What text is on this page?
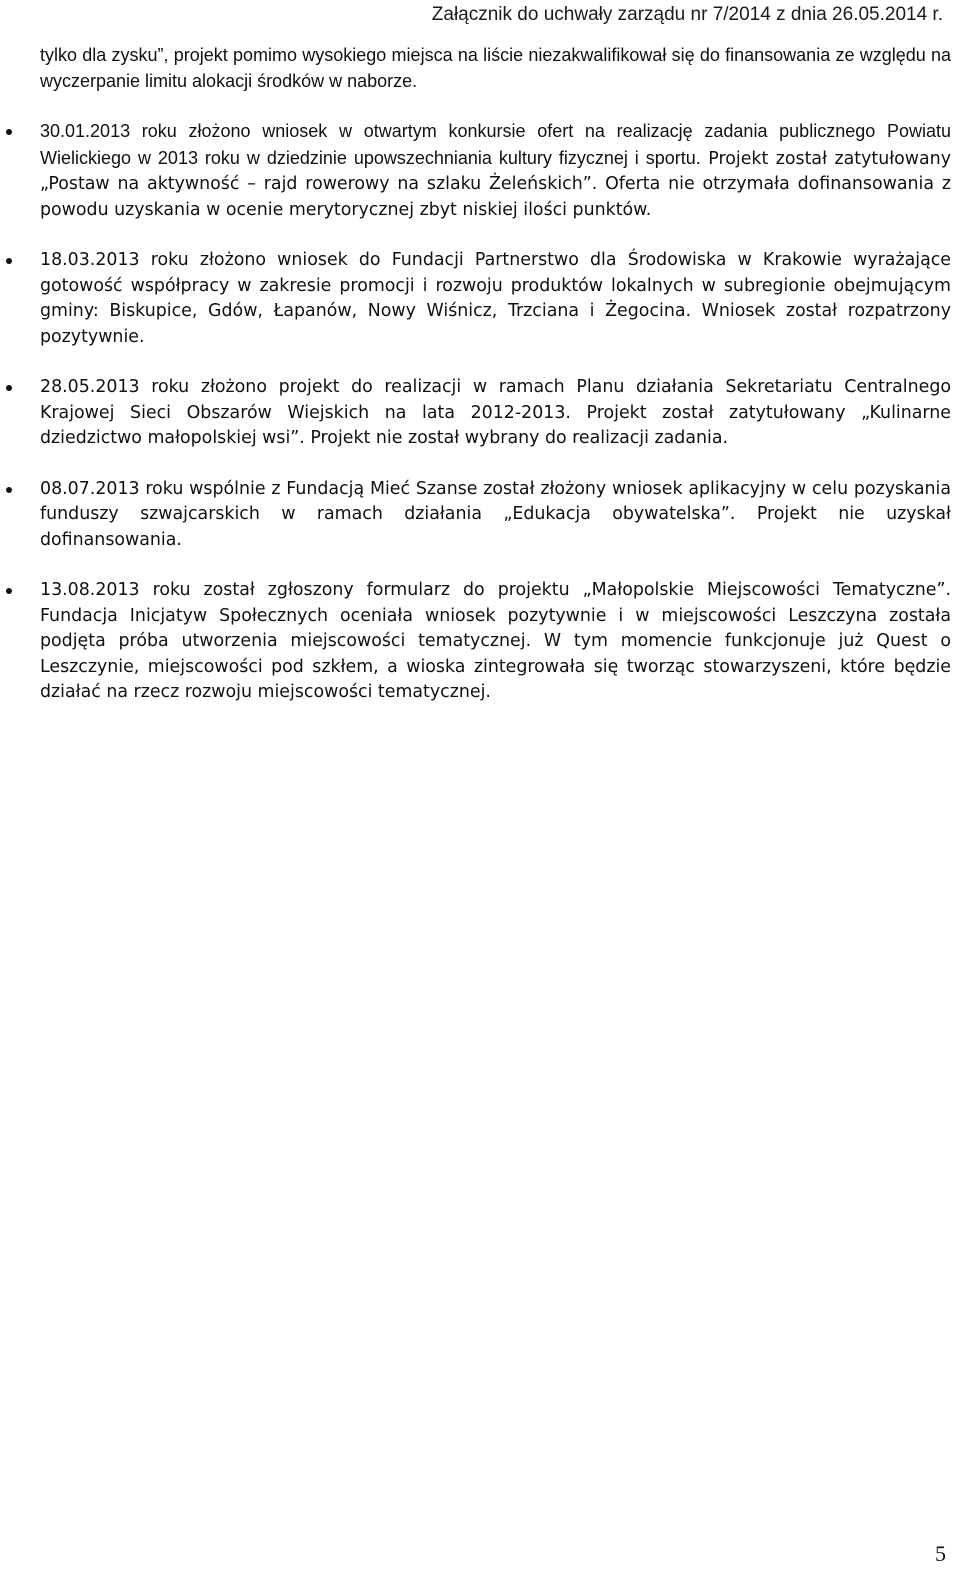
Załącznik do uchwały zarządu nr 7/2014 z dnia 26.05.2014 r.

tylko dla zysku”, projekt pomimo wysokiego miejsca na liście niezakwalifikował się do finansowania ze względu na wyczerpanie limitu alokacji środków w naborze.

30.01.2013 roku złożono wniosek w otwartym konkursie ofert na realizację zadania publicznego Powiatu Wielickiego w 2013 roku w dziedzinie upowszechniania kultury fizycznej i sportu. Projekt został zatytułowany „Postaw na aktywność – rajd rowerowy na szlaku Żeleńskich”. Oferta nie otrzymała dofinansowania z powodu uzyskania w ocenie merytorycznej zbyt niskiej ilości punktów.
18.03.2013 roku złożono wniosek do Fundacji Partnerstwo dla Środowiska w Krakowie wyrażające gotowość współpracy w zakresie promocji i rozwoju produktów lokalnych w subregionie obejmującym gminy: Biskupice, Gdów, Łapanów, Nowy Wiśnicz, Trzciana i Żegocina. Wniosek został rozpatrzony pozytywnie.
28.05.2013 roku złożono projekt do realizacji w ramach Planu działania Sekretariatu Centralnego Krajowej Sieci Obszarów Wiejskich na lata 2012-2013. Projekt został zatytułowany „Kulinarne dziedzictwo małopolskiej wsi”. Projekt nie został wybrany do realizacji zadania.
08.07.2013 roku wspólnie z Fundacją Mieć Szanse został złożony wniosek aplikacyjny w celu pozyskania funduszy szwajcarskich w ramach działania „Edukacja obywatelska”. Projekt nie uzyskał dofinansowania.
13.08.2013 roku został zgłoszony formularz do projektu „Małopolskie Miejscowości Tematyczne”. Fundacja Inicjatyw Społecznych oceniała wniosek pozytywnie i w miejscowości Leszczyna została podjęta próba utworzenia miejscowości tematycznej. W tym momencie funkcjonuje już Quest o Leszczynie, miejscowości pod szkłem, a wioska zintegrowała się tworząc stowarzyszeni, które będzie działać na rzecz rozwoju miejscowości tematycznej.
5
